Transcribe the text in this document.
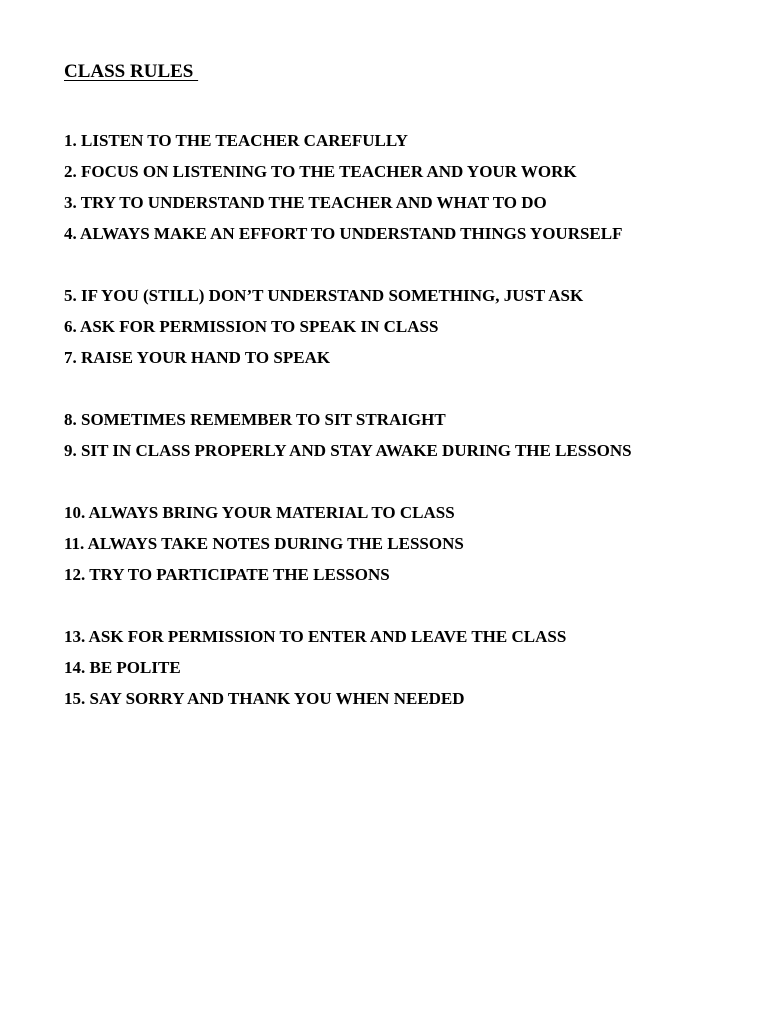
CLASS RULES

1. LISTEN TO THE TEACHER CAREFULLY

2. FOCUS ON LISTENING TO THE TEACHER AND YOUR WORK

3. TRY TO UNDERSTAND THE TEACHER AND WHAT TO DO

4. ALWAYS MAKE AN EFFORT TO UNDERSTAND THINGS YOURSELF

5. IF YOU (STILL) DON’T UNDERSTAND SOMETHING, JUST ASK

6. ASK FOR PERMISSION TO SPEAK IN CLASS

7. RAISE YOUR HAND TO SPEAK

8. SOMETIMES REMEMBER TO SIT STRAIGHT

9. SIT IN CLASS PROPERLY AND STAY AWAKE DURING THE LESSONS

10. ALWAYS BRING YOUR MATERIAL TO CLASS

11. ALWAYS TAKE NOTES DURING THE LESSONS

12. TRY TO PARTICIPATE THE LESSONS

13. ASK FOR PERMISSION TO ENTER AND LEAVE THE CLASS

14. BE POLITE

15. SAY SORRY AND THANK YOU WHEN NEEDED
